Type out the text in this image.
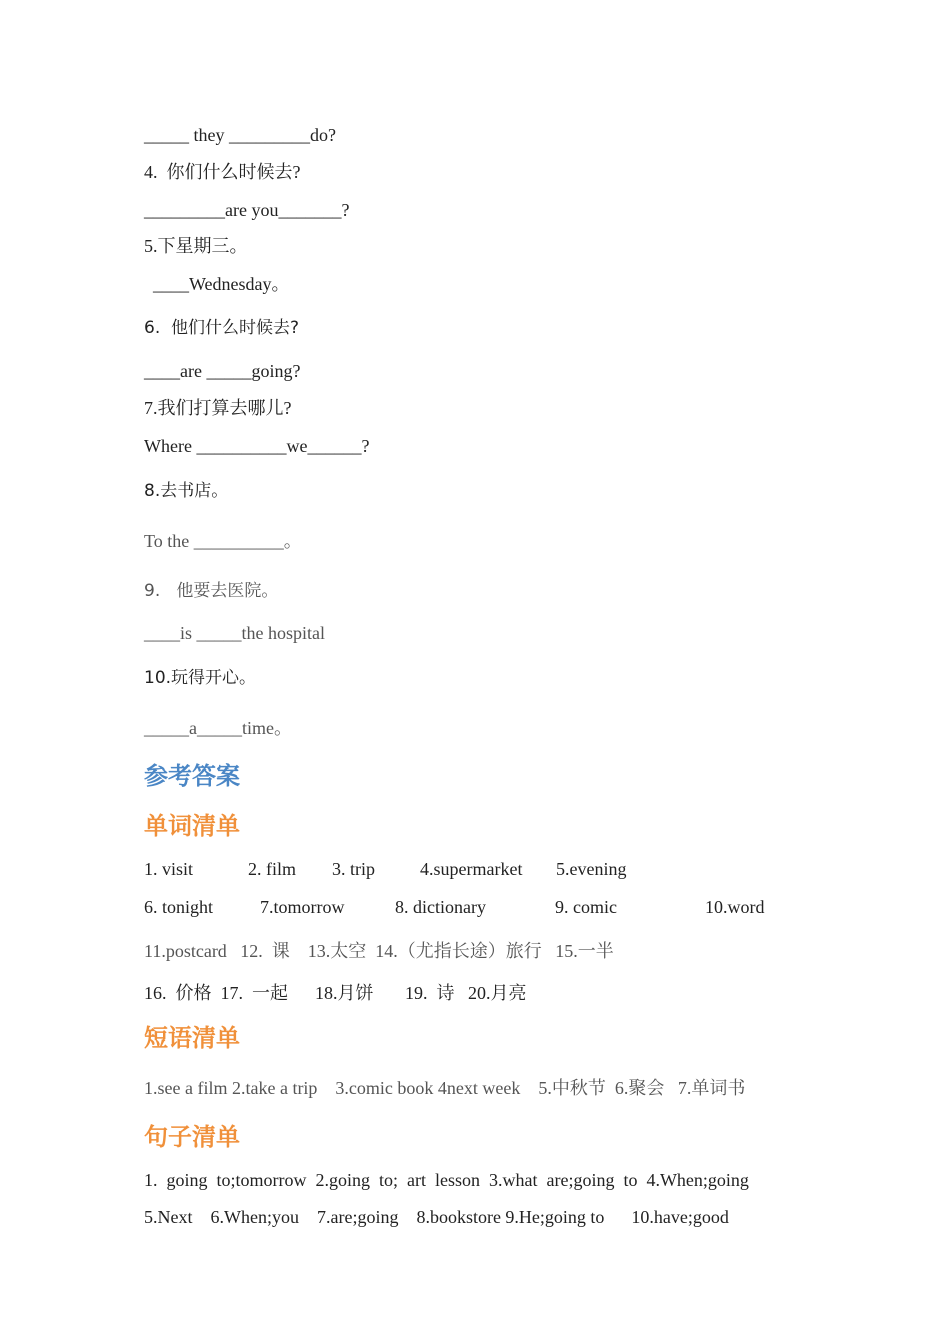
_____ they _________do?
4.  你们什么时候去?
_________are you_______?
5.下星期三。
____Wednesday。
6.  他们什么时候去?
____are _____going?
7.我们打算去哪儿?
Where __________we______?
8.去书店。
To the __________。
9.   他要去医院。
____is _____the hospital
10.玩得开心。
_____a_____time。
参考答案
单词清单
1. visit	2. film 3. trip	4.supermarket 5.evening
6. tonight	7.tomorrow	8. dictionary	9. comic	10.word
11.postcard   12.  课    13.太空  14.（尤指长途）旅行   15.一半
16.  价格  17.  一起      18.月饼       19.  诗   20.月亮
短语清单
1.see a film 2.take a trip    3.comic book 4next week    5.中秋节  6.聚会   7.单词书
句子清单
1.  going  to;tomorrow  2.going  to;  art  lesson  3.what  are;going  to  4.When;going
5.Next    6.When;you    7.are;going    8.bookstore 9.He;going to      10.have;good
